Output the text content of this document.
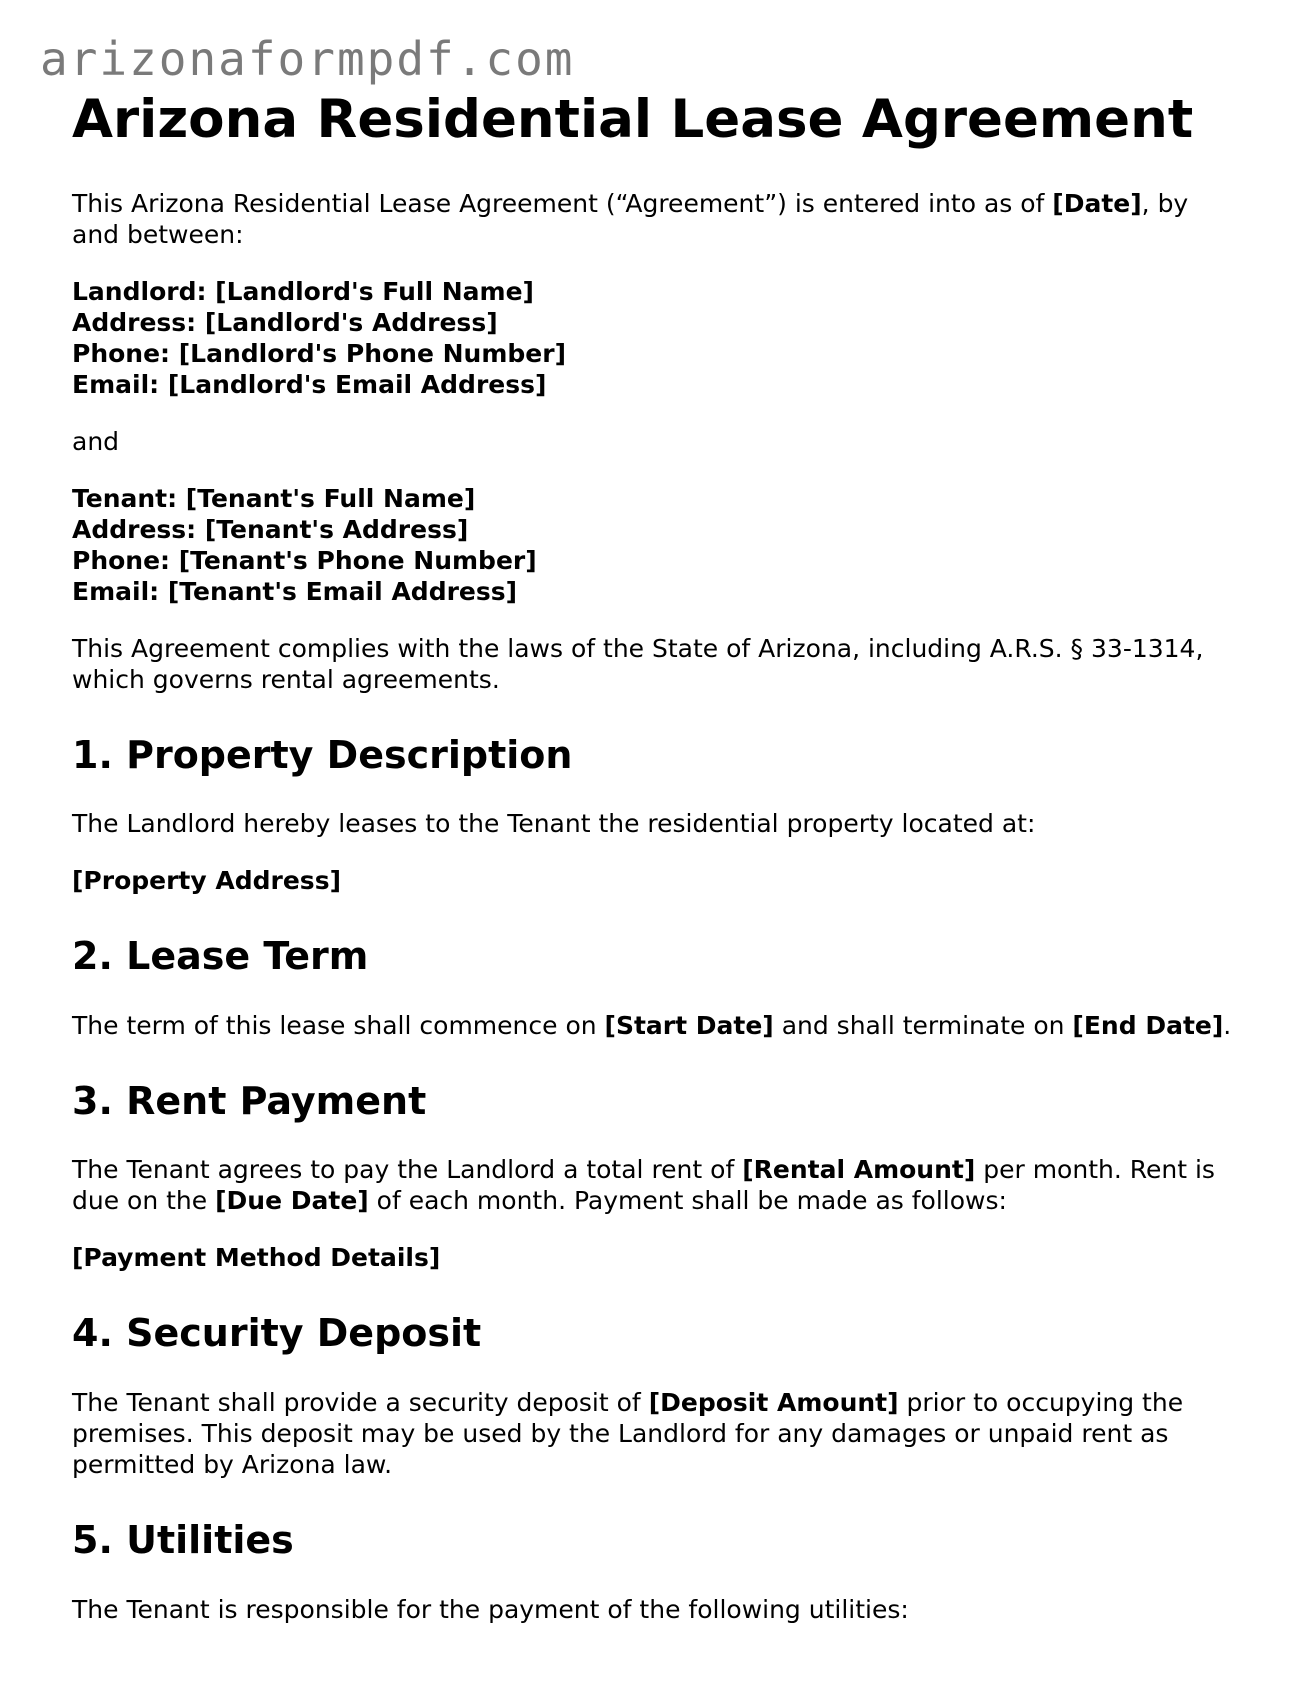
arizonaformpdf.com
Arizona Residential Lease Agreement

This Arizona Residential Lease Agreement (“Agreement”) is entered into as of [Date], by and between:

Landlord: [Landlord's Full Name]
Address: [Landlord's Address]
Phone: [Landlord's Phone Number]
Email: [Landlord's Email Address]

and

Tenant: [Tenant's Full Name]
Address: [Tenant's Address]
Phone: [Tenant's Phone Number]
Email: [Tenant's Email Address]

This Agreement complies with the laws of the State of Arizona, including A.R.S. § 33-1314, which governs rental agreements.

1. Property Description

The Landlord hereby leases to the Tenant the residential property located at:

[Property Address]

2. Lease Term

The term of this lease shall commence on [Start Date] and shall terminate on [End Date].

3. Rent Payment

The Tenant agrees to pay the Landlord a total rent of [Rental Amount] per month. Rent is due on the [Due Date] of each month. Payment shall be made as follows:

[Payment Method Details]

4. Security Deposit

The Tenant shall provide a security deposit of [Deposit Amount] prior to occupying the premises. This deposit may be used by the Landlord for any damages or unpaid rent as permitted by Arizona law.

5. Utilities

The Tenant is responsible for the payment of the following utilities:
